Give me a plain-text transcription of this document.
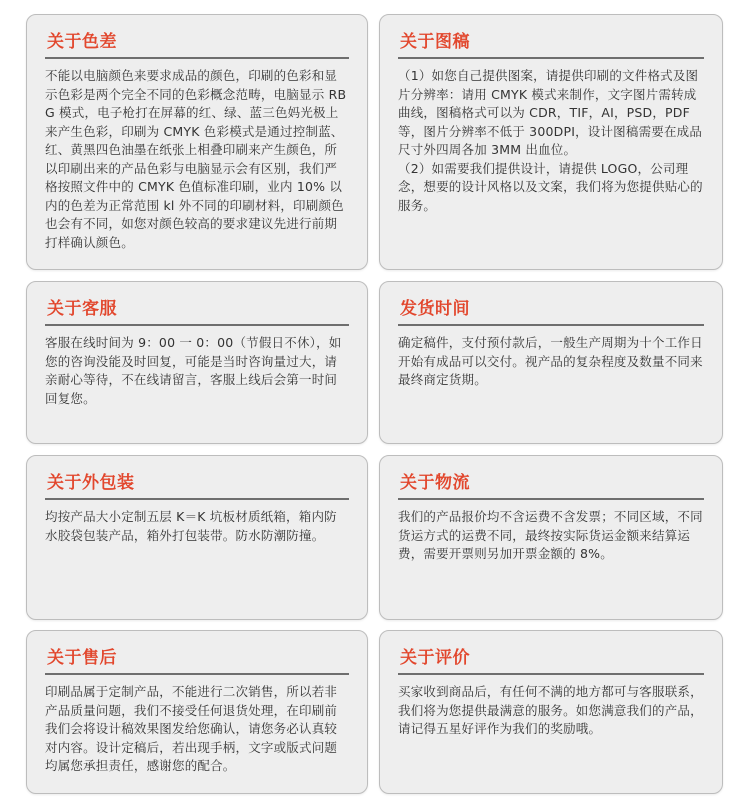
关于色差

不能以电脑颜色来要求成品的颜色，印刷的色彩和显示色彩是两个完全不同的色彩概念范畴，电脑显示 RBG 模式，电子枪打在屏幕的红、绿、蓝三色妈光极上来产生色彩，印刷为 CMYK 色彩模式是通过控制蓝、红、黄黑四色油墨在纸张上相叠印刷来产生颜色，所以印刷出来的产品色彩与电脑显示会有区别，我们严格按照文件中的 CMYK 色值标准印刷，业内 10% 以内的色差为正常范围 kl 外不同的印刷材料，印刷颜色也会有不同，如您对颜色较高的要求建议先进行前期打样确认颜色。

关于图稿

（1）如您自己提供图案，请提供印刷的文件格式及图片分辨率：请用 CMYK 模式来制作，文字图片需转成曲线，图稿格式可以为 CDR，TIF，AI，PSD，PDF 等，图片分辨率不低于 300DPI，设计图稿需要在成品尺寸外四周各加 3MM 出血位。

（2）如需要我们提供设计，请提供 LOGO，公司理念，想要的设计风格以及文案，我们将为您提供贴心的服务。

关于客服

客服在线时间为 9：00 一 0：00（节假日不休），如您的咨询没能及时回复，可能是当时咨询量过大，请亲耐心等待，不在线请留言，客服上线后会第一时间回复您。

发货时间

确定稿件，支付预付款后，一般生产周期为十个工作日开始有成品可以交付。视产品的复杂程度及数量不同来最终商定货期。

关于外包装

均按产品大小定制五层 K＝K 坑板材质纸箱，箱内防水胶袋包装产品，箱外打包装带。防水防潮防撞。

关于物流

我们的产品报价均不含运费不含发票；不同区域，不同货运方式的运费不同，最终按实际货运金额来结算运费，需要开票则另加开票金额的 8%。

关于售后

印刷品属于定制产品，不能进行二次销售，所以若非产品质量问题，我们不接受任何退货处理，在印刷前我们会将设计稿效果图发给您确认，请您务必认真较对内容。设计定稿后，若出现手柄，文字或版式问题均属您承担责任，感谢您的配合。

关于评价

买家收到商品后，有任何不满的地方都可与客服联系，我们将为您提供最满意的服务。如您满意我们的产品，请记得五星好评作为我们的奖励哦。
